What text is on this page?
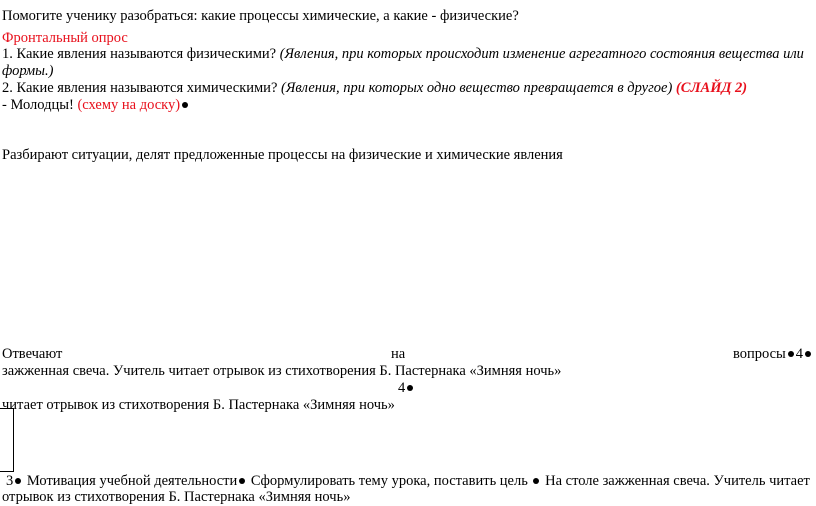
Помогите ученику разобраться: какие процессы химические, а какие - физические?
Фронтальный опрос
1. Какие явления называются физическими? (Явления, при которых происходит изменение агрегатного состояния вещества или
формы.)
2. Какие явления называются химическими? (Явления, при которых одно вещество превращается в другое) (СЛАЙД 2)
- Молодцы! (схему на доску)
Разбирают ситуации, делят предложенные процессы на физические и химические явления
Отвечают	на	вопросы 4
зажженная свеча. Учитель читает отрывок из стихотворения Б. Пастернака «Зимняя ночь»
4
читает отрывок из стихотворения Б. Пастернака «Зимняя ночь»
3 Мотивация учебной деятельности Сформулировать тему урока, поставить цель  На столе зажженная свеча. Учитель читает
отрывок из стихотворения Б. Пастернака «Зимняя ночь»
